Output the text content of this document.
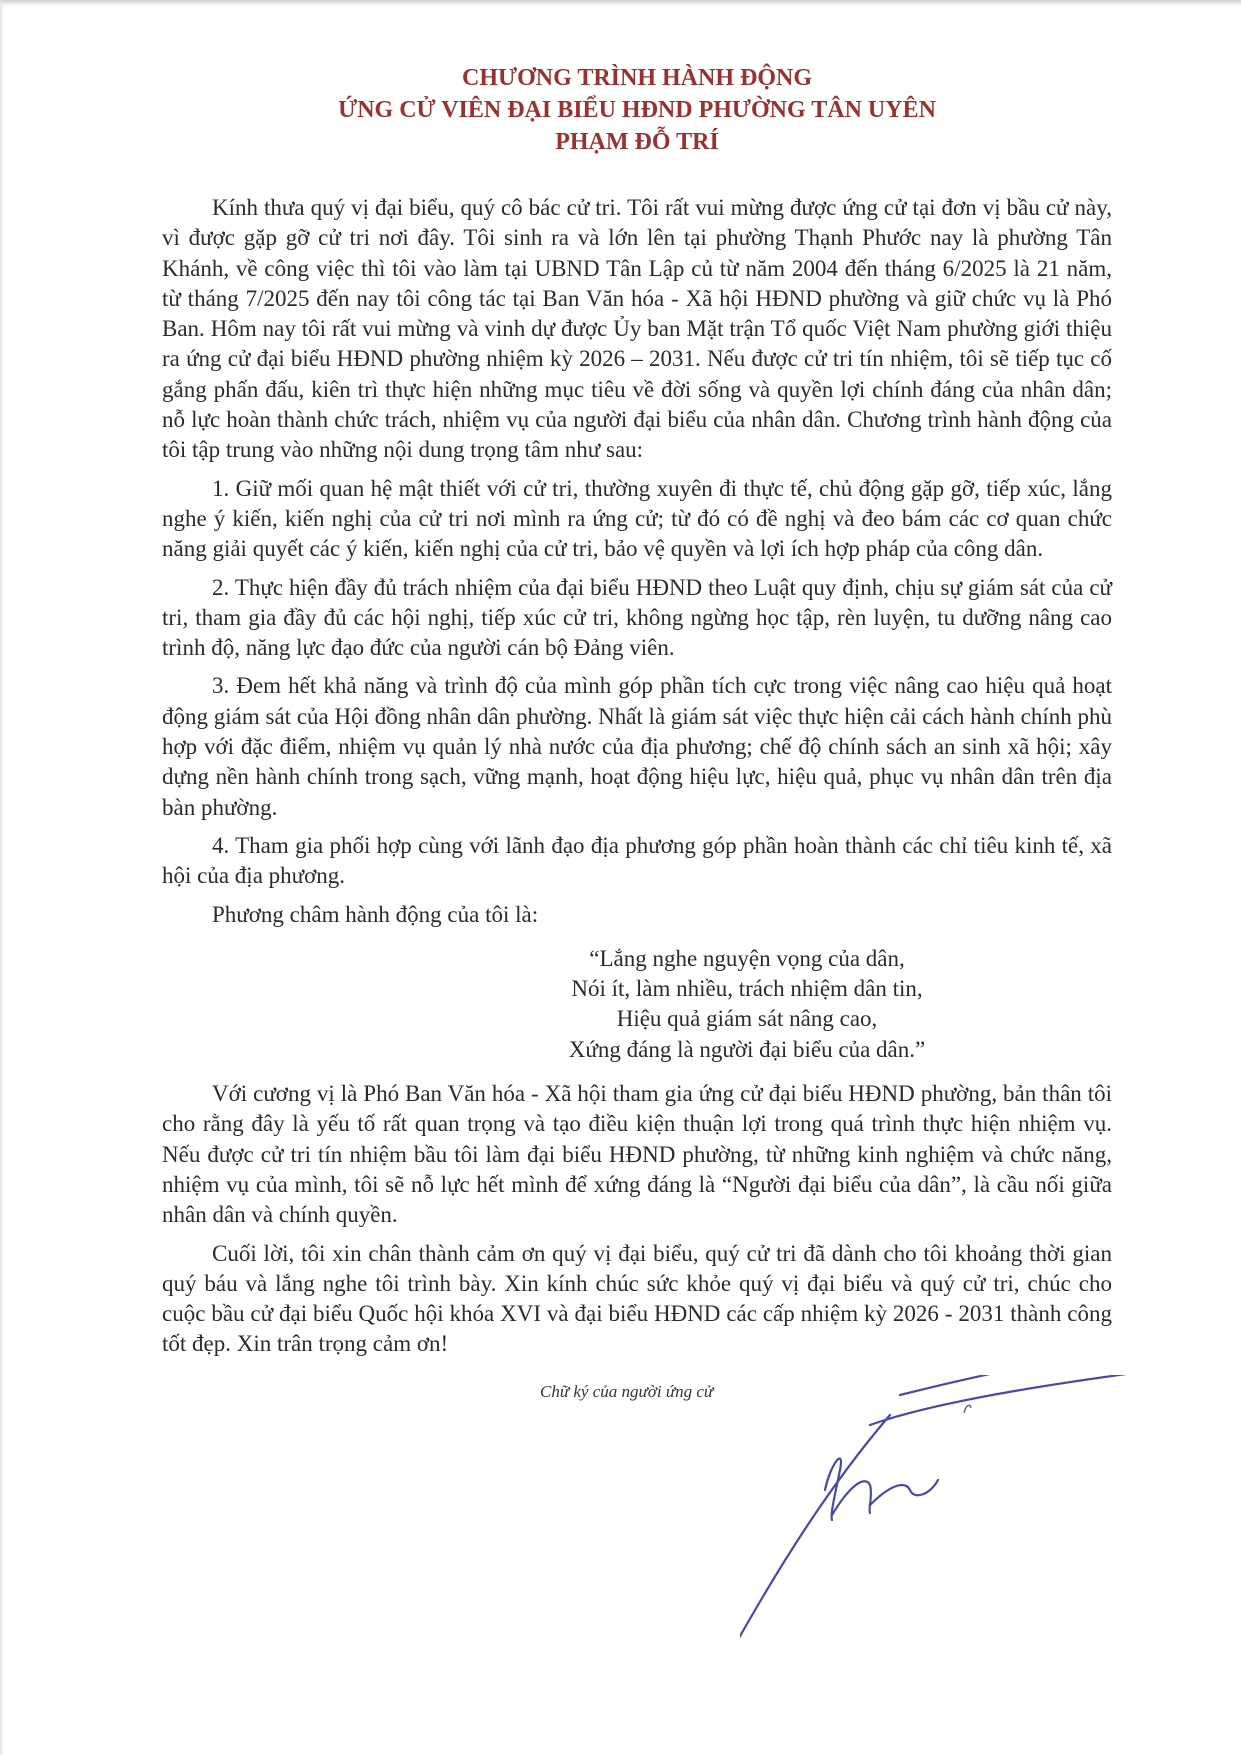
CHƯƠNG TRÌNH HÀNH ĐỘNG
ỨNG CỬ VIÊN ĐẠI BIỂU HĐND PHƯỜNG TÂN UYÊN
PHẠM ĐỖ TRÍ

Kính thưa quý vị đại biểu, quý cô bác cử tri. Tôi rất vui mừng được ứng cử tại đơn vị bầu cử này, vì được gặp gỡ cử tri nơi đây. Tôi sinh ra và lớn lên tại phường Thạnh Phước nay là phường Tân Khánh, về công việc thì tôi vào làm tại UBND Tân Lập củ từ năm 2004 đến tháng 6/2025 là 21 năm, từ tháng 7/2025 đến nay tôi công tác tại Ban Văn hóa - Xã hội HĐND phường và giữ chức vụ là Phó Ban. Hôm nay tôi rất vui mừng và vinh dự được Ủy ban Mặt trận Tổ quốc Việt Nam phường giới thiệu ra ứng cử đại biểu HĐND phường nhiệm kỳ 2026 – 2031. Nếu được cử tri tín nhiệm, tôi sẽ tiếp tục cố gắng phấn đấu, kiên trì thực hiện những mục tiêu về đời sống và quyền lợi chính đáng của nhân dân; nỗ lực hoàn thành chức trách, nhiệm vụ của người đại biểu của nhân dân. Chương trình hành động của tôi tập trung vào những nội dung trọng tâm như sau:

1. Giữ mối quan hệ mật thiết với cử tri, thường xuyên đi thực tế, chủ động gặp gỡ, tiếp xúc, lắng nghe ý kiến, kiến nghị của cử tri nơi mình ra ứng cử; từ đó có đề nghị và đeo bám các cơ quan chức năng giải quyết các ý kiến, kiến nghị của cử tri, bảo vệ quyền và lợi ích hợp pháp của công dân.

2. Thực hiện đầy đủ trách nhiệm của đại biểu HĐND theo Luật quy định, chịu sự giám sát của cử tri, tham gia đầy đủ các hội nghị, tiếp xúc cử tri, không ngừng học tập, rèn luyện, tu dưỡng nâng cao trình độ, năng lực đạo đức của người cán bộ Đảng viên.

3. Đem hết khả năng và trình độ của mình góp phần tích cực trong việc nâng cao hiệu quả hoạt động giám sát của Hội đồng nhân dân phường. Nhất là giám sát việc thực hiện cải cách hành chính phù hợp với đặc điểm, nhiệm vụ quản lý nhà nước của địa phương; chế độ chính sách an sinh xã hội; xây dựng nền hành chính trong sạch, vững mạnh, hoạt động hiệu lực, hiệu quả, phục vụ nhân dân trên địa bàn phường.

4. Tham gia phối hợp cùng với lãnh đạo địa phương góp phần hoàn thành các chỉ tiêu kinh tế, xã hội của địa phương.

Phương châm hành động của tôi là:

“Lắng nghe nguyện vọng của dân,
Nói ít, làm nhiều, trách nhiệm dân tin,
Hiệu quả giám sát nâng cao,
Xứng đáng là người đại biểu của dân.”

Với cương vị là Phó Ban Văn hóa - Xã hội tham gia ứng cử đại biểu HĐND phường, bản thân tôi cho rằng đây là yếu tố rất quan trọng và tạo điều kiện thuận lợi trong quá trình thực hiện nhiệm vụ. Nếu được cử tri tín nhiệm bầu tôi làm đại biểu HĐND phường, từ những kinh nghiệm và chức năng, nhiệm vụ của mình, tôi sẽ nỗ lực hết mình để xứng đáng là “Người đại biểu của dân”, là cầu nối giữa nhân dân và chính quyền.

Cuối lời, tôi xin chân thành cảm ơn quý vị đại biểu, quý cử tri đã dành cho tôi khoảng thời gian quý báu và lắng nghe tôi trình bày. Xin kính chúc sức khỏe quý vị đại biểu và quý cử tri, chúc cho cuộc bầu cử đại biểu Quốc hội khóa XVI và đại biểu HĐND các cấp nhiệm kỳ 2026 - 2031 thành công tốt đẹp. Xin trân trọng cảm ơn!

Chữ ký của người ứng cử
